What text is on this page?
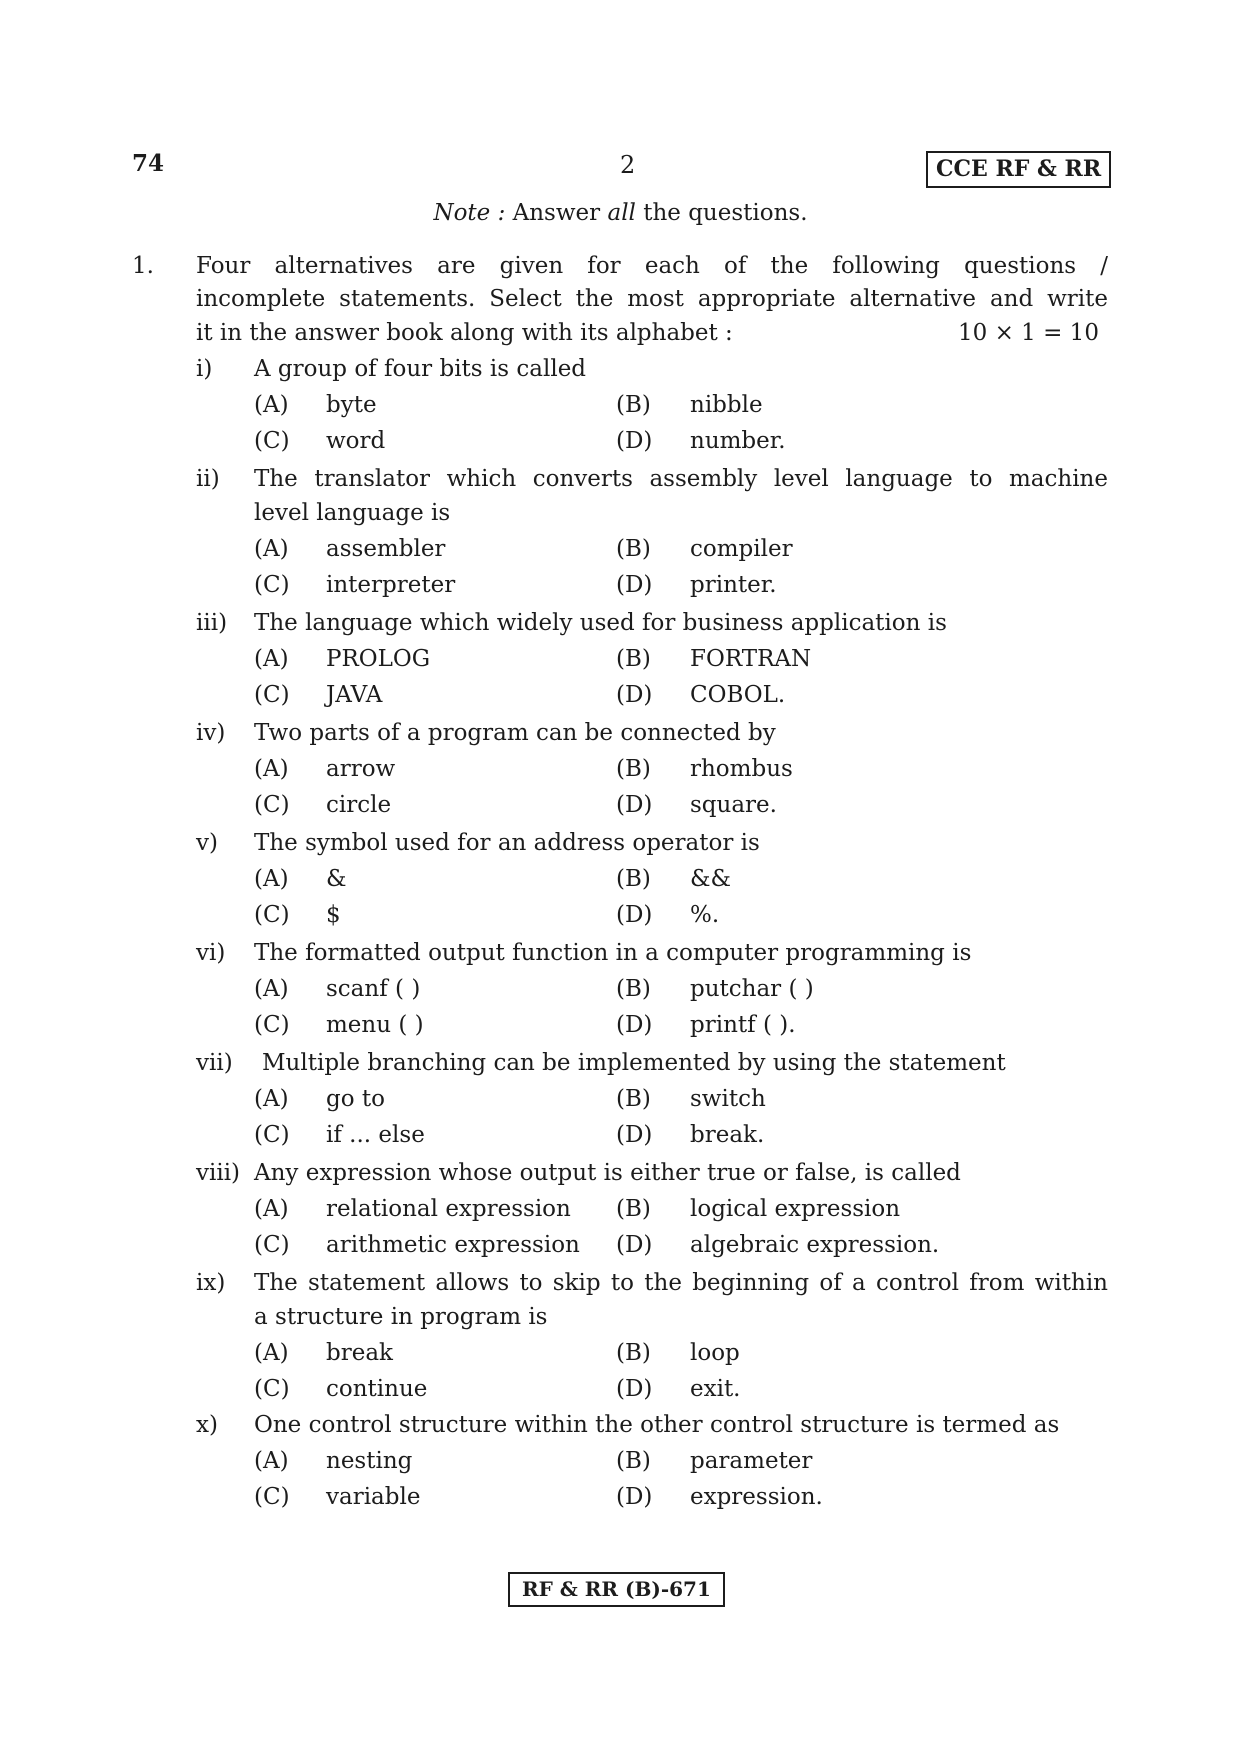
74	2	CCE RF & RR
Note : Answer all the questions.
1. Four alternatives are given for each of the following questions /
incomplete statements. Select the most appropriate alternative and write
it in the answer book along with its alphabet :	10 × 1 = 10
i) A group of four bits is called
(A) byte	(B) nibble
(C) word	(D) number.
ii) The translator which converts assembly level language to machine
level language is
(A) assembler	(B) compiler
(C) interpreter	(D) printer.
iii) The language which widely used for business application is
(A) PROLOG	(B) FORTRAN
(C) JAVA	(D) COBOL.
iv) Two parts of a program can be connected by
(A) arrow	(B) rhombus
(C) circle	(D) square.
v) The symbol used for an address operator is
(A) &	(B) &&
(C) $	(D) %.
vi) The formatted output function in a computer programming is
(A) scanf ( )	(B) putchar ( )
(C) menu ( )	(D) printf ( ).
vii) Multiple branching can be implemented by using the statement
(A) go to	(B) switch
(C) if ... else	(D) break.
viii) Any expression whose output is either true or false, is called
(A) relational expression (B) logical expression
(C) arithmetic expression (D) algebraic expression.
ix) The statement allows to skip to the beginning of a control from within
a structure in program is
(A) break	(B) loop
(C) continue	(D) exit.
x) One control structure within the other control structure is termed as
(A) nesting	(B) parameter
(C) variable	(D) expression.
RF & RR (B)-671
